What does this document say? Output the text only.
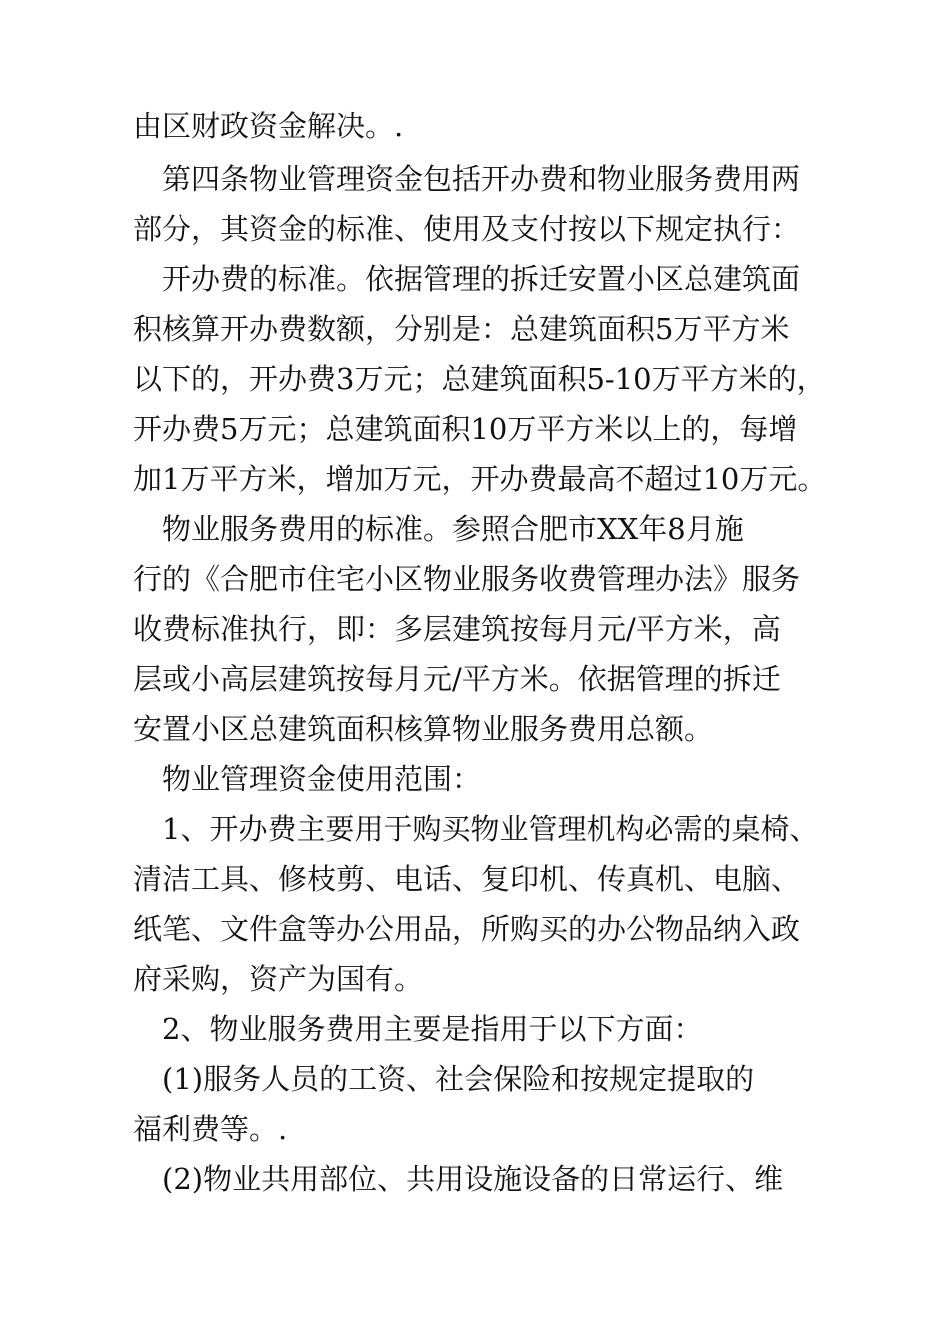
由区财政资金解决。.
第四条物业管理资金包括开办费和物业服务费用两
部分，其资金的标准、使用及支付按以下规定执行：
开办费的标准。依据管理的拆迁安置小区总建筑面
积核算开办费数额，分别是：总建筑面积5万平方米
以下的，开办费3万元；总建筑面积5-10万平方米的，
开办费5万元；总建筑面积10万平方米以上的，每增
加1万平方米，增加万元，开办费最高不超过10万元。
物业服务费用的标准。参照合肥市XX年8月施
行的《合肥市住宅小区物业服务收费管理办法》服务
收费标准执行，即：多层建筑按每月元/平方米，高
层或小高层建筑按每月元/平方米。依据管理的拆迁
安置小区总建筑面积核算物业服务费用总额。
物业管理资金使用范围：
1、开办费主要用于购买物业管理机构必需的桌椅、
清洁工具、修枝剪、电话、复印机、传真机、电脑、
纸笔、文件盒等办公用品，所购买的办公物品纳入政
府采购，资产为国有。
2、物业服务费用主要是指用于以下方面：
(1)服务人员的工资、社会保险和按规定提取的
福利费等。.
(2)物业共用部位、共用设施设备的日常运行、维
